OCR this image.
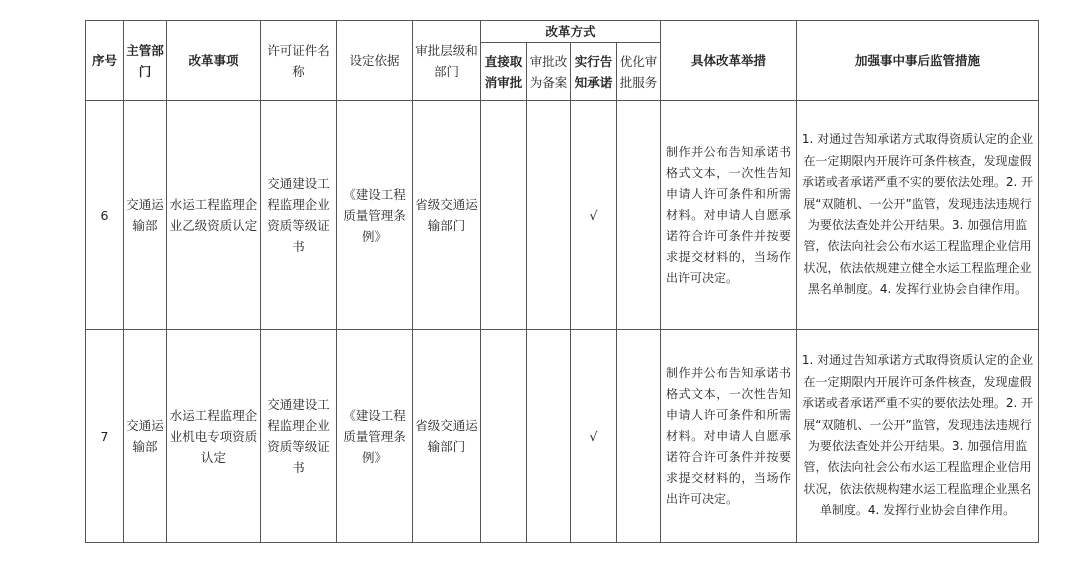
序号	主管部门	改革事项	许可证件名称	设定依据	审批层级和部门	改革方式				具体改革举措	加强事中事后监管措施
						直接取消审批	审批改为备案	实行告知承诺	优化审批服务		
6	交通运输部	水运工程监理企业乙级资质认定	交通建设工程监理企业资质等级证书	《建设工程质量管理条例》	省级交通运输部门			√		制作并公布告知承诺书格式文本，一次性告知申请人许可条件和所需材料。对申请人自愿承诺符合许可条件并按要求提交材料的，当场作出许可决定。	1. 对通过告知承诺方式取得资质认定的企业在一定期限内开展许可条件核查，发现虚假承诺或者承诺严重不实的要依法处理。2. 开展“双随机、一公开”监管，发现违法违规行为要依法查处并公开结果。3. 加强信用监管，依法向社会公布水运工程监理企业信用状况，依法依规建立健全水运工程监理企业黑名单制度。4. 发挥行业协会自律作用。

7	交通运输部	水运工程监理企业机电专项资质认定	交通建设工程监理企业资质等级证书	《建设工程质量管理条例》	省级交通运输部门			√		制作并公布告知承诺书格式文本，一次性告知申请人许可条件和所需材料。对申请人自愿承诺符合许可条件并按要求提交材料的，当场作出许可决定。	1. 对通过告知承诺方式取得资质认定的企业在一定期限内开展许可条件核查，发现虚假承诺或者承诺严重不实的要依法处理。2. 开展“双随机、一公开”监管，发现违法违规行为要依法查处并公开结果。3. 加强信用监管，依法向社会公布水运工程监理企业信用状况，依法依规构建水运工程监理企业黑名单制度。4. 发挥行业协会自律作用。
